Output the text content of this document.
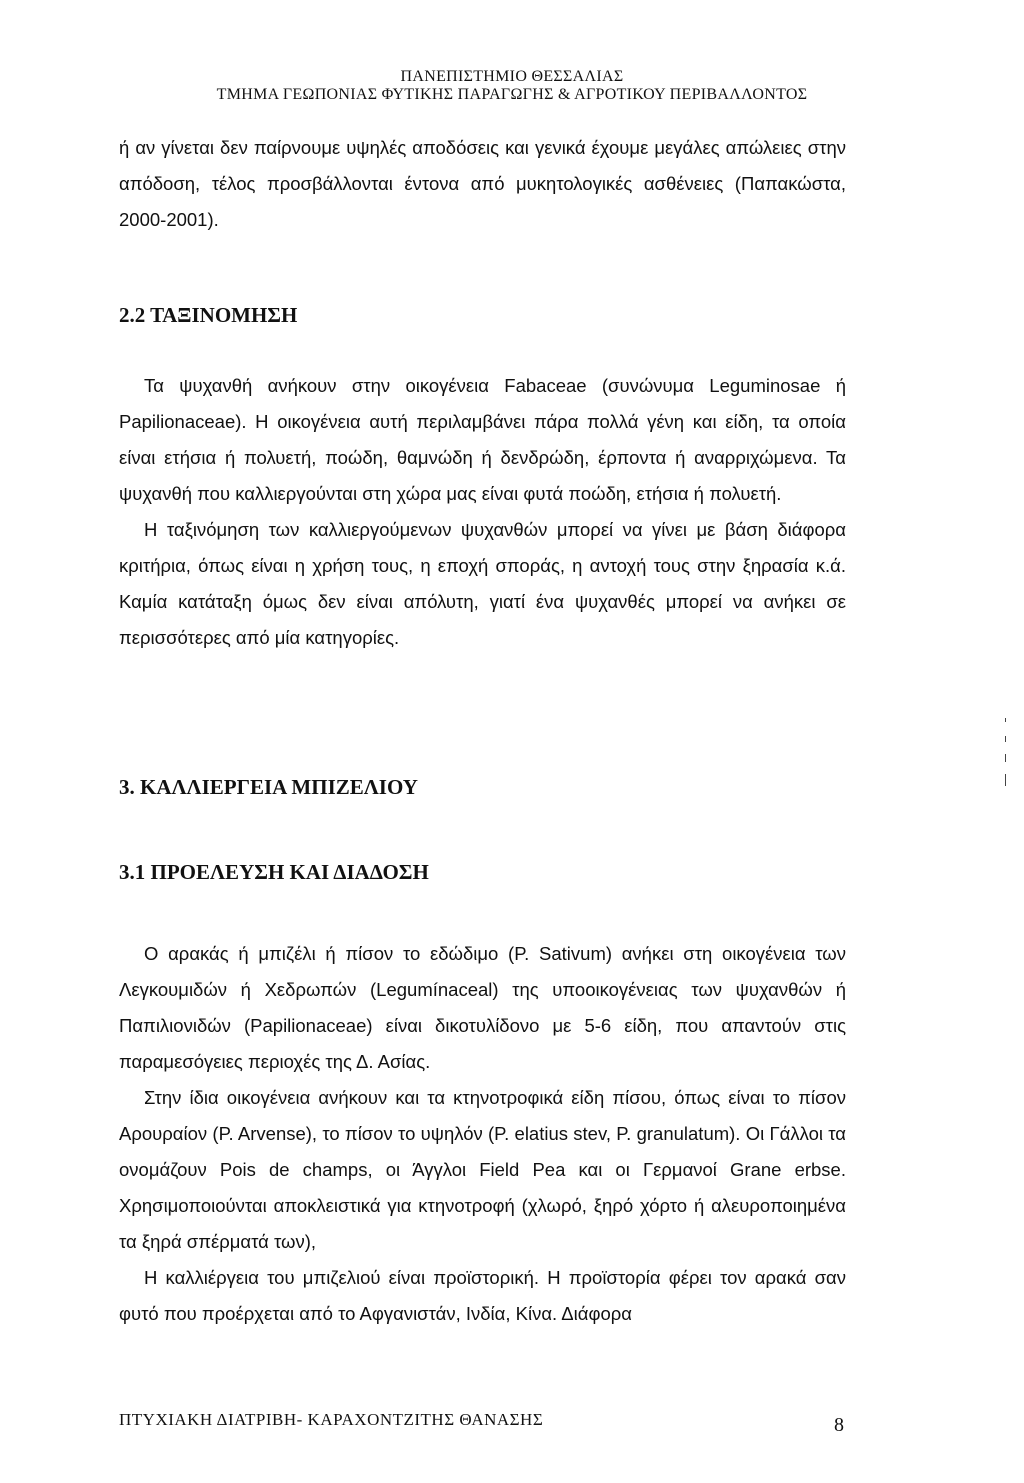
ΠΑΝΕΠΙΣΤΗΜΙΟ ΘΕΣΣΑΛΙΑΣ
ΤΜΗΜΑ ΓΕΩΠΟΝΙΑΣ ΦΥΤΙΚΗΣ ΠΑΡΑΓΩΓΗΣ & ΑΓΡΟΤΙΚΟΥ ΠΕΡΙΒΑΛΛΟΝΤΟΣ

ή αν γίνεται δεν παίρνουμε υψηλές αποδόσεις και γενικά έχουμε μεγάλες απώλειες στην απόδοση, τέλος προσβάλλονται έντονα από μυκητολογικές ασθένειες (Παπακώστα, 2000-2001).

2.2 ΤΑΞΙΝΟΜΗΣΗ

Τα ψυχανθή ανήκουν στην οικογένεια Fabaceae (συνώνυμα Leguminosae ή Papilionaceae). Η οικογένεια αυτή περιλαμβάνει πάρα πολλά γένη και είδη, τα οποία είναι ετήσια ή πολυετή, ποώδη, θαμνώδη ή δενδρώδη, έρποντα ή αναρριχώμενα. Τα ψυχανθή που καλλιεργούνται στη χώρα μας είναι φυτά ποώδη, ετήσια ή πολυετή.

Η ταξινόμηση των καλλιεργούμενων ψυχανθών μπορεί να γίνει με βάση διάφορα κριτήρια, όπως είναι η χρήση τους, η εποχή σποράς, η αντοχή τους στην ξηρασία κ.ά. Καμία κατάταξη όμως δεν είναι απόλυτη, γιατί ένα ψυχανθές μπορεί να ανήκει σε περισσότερες από μία κατηγορίες.

3. ΚΑΛΛΙΕΡΓΕΙΑ ΜΠΙΖΕΛΙΟΥ
3.1 ΠΡΟΕΛΕΥΣΗ ΚΑΙ ΔΙΑΔΟΣΗ

Ο αρακάς ή μπιζέλι ή πίσον το εδώδιμο (P. Sativum) ανήκει στη οικογένεια των Λεγκουμιδών ή Χεδρωπών (Legumínaceal) της υποοικογένειας των ψυχανθών ή Παπιλιονιδών (Papilionaceae) είναι δικοτυλίδονο με 5-6 είδη, που απαντούν στις παραμεσόγειες περιοχές της Δ. Ασίας.

Στην ίδια οικογένεια ανήκουν και τα κτηνοτροφικά είδη πίσου, όπως είναι το πίσον Αρουραίον (P. Arvense), το πίσον το υψηλόν (P. elatius stev, P. granulatum). Οι Γάλλοι τα ονομάζουν Pois de champs, οι Άγγλοι Field Pea και οι Γερμανοί Grane erbse. Χρησιμοποιούνται αποκλειστικά για κτηνοτροφή (χλωρό, ξηρό χόρτο ή αλευροποιημένα τα ξηρά σπέρματά των),

Η καλλιέργεια του μπιζελιού είναι προϊστορική. Η προϊστορία φέρει τον αρακά σαν φυτό που προέρχεται από το Αφγανιστάν, Ινδία, Κίνα. Διάφορα

ΠΤΥΧΙΑΚΗ ΔΙΑΤΡΙΒΗ- ΚΑΡΑΧΟΝΤΖΙΤΗΣ ΘΑΝΑΣΗΣ	8
